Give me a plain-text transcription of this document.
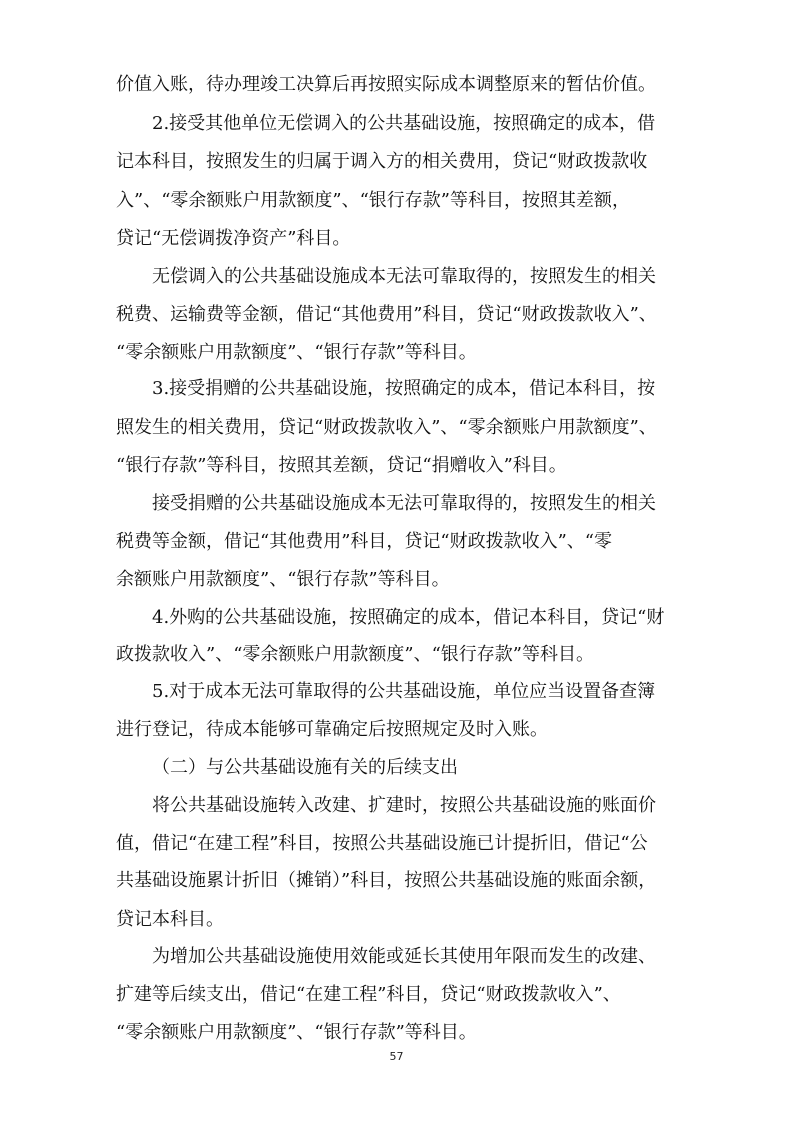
价值入账，待办理竣工决算后再按照实际成本调整原来的暂估价值。

2.接受其他单位无偿调入的公共基础设施，按照确定的成本，借

记本科目，按照发生的归属于调入方的相关费用，贷记“财政拨款收

入”、“零余额账户用款额度”、“银行存款”等科目，按照其差额，

贷记“无偿调拨净资产”科目。

无偿调入的公共基础设施成本无法可靠取得的，按照发生的相关

税费、运输费等金额，借记“其他费用”科目，贷记“财政拨款收入”、

“零余额账户用款额度”、“银行存款”等科目。

3.接受捐赠的公共基础设施，按照确定的成本，借记本科目，按

照发生的相关费用，贷记“财政拨款收入”、“零余额账户用款额度”、

“银行存款”等科目，按照其差额，贷记“捐赠收入”科目。

接受捐赠的公共基础设施成本无法可靠取得的，按照发生的相关

税费等金额，借记“其他费用”科目，贷记“财政拨款收入”、“零

余额账户用款额度”、“银行存款”等科目。

4.外购的公共基础设施，按照确定的成本，借记本科目，贷记“财

政拨款收入”、“零余额账户用款额度”、“银行存款”等科目。

5.对于成本无法可靠取得的公共基础设施，单位应当设置备查簿

进行登记，待成本能够可靠确定后按照规定及时入账。

（二）与公共基础设施有关的后续支出

将公共基础设施转入改建、扩建时，按照公共基础设施的账面价

值，借记“在建工程”科目，按照公共基础设施已计提折旧，借记“公

共基础设施累计折旧（摊销）”科目，按照公共基础设施的账面余额，

贷记本科目。

为增加公共基础设施使用效能或延长其使用年限而发生的改建、

扩建等后续支出，借记“在建工程”科目，贷记“财政拨款收入”、

“零余额账户用款额度”、“银行存款”等科目。

57
